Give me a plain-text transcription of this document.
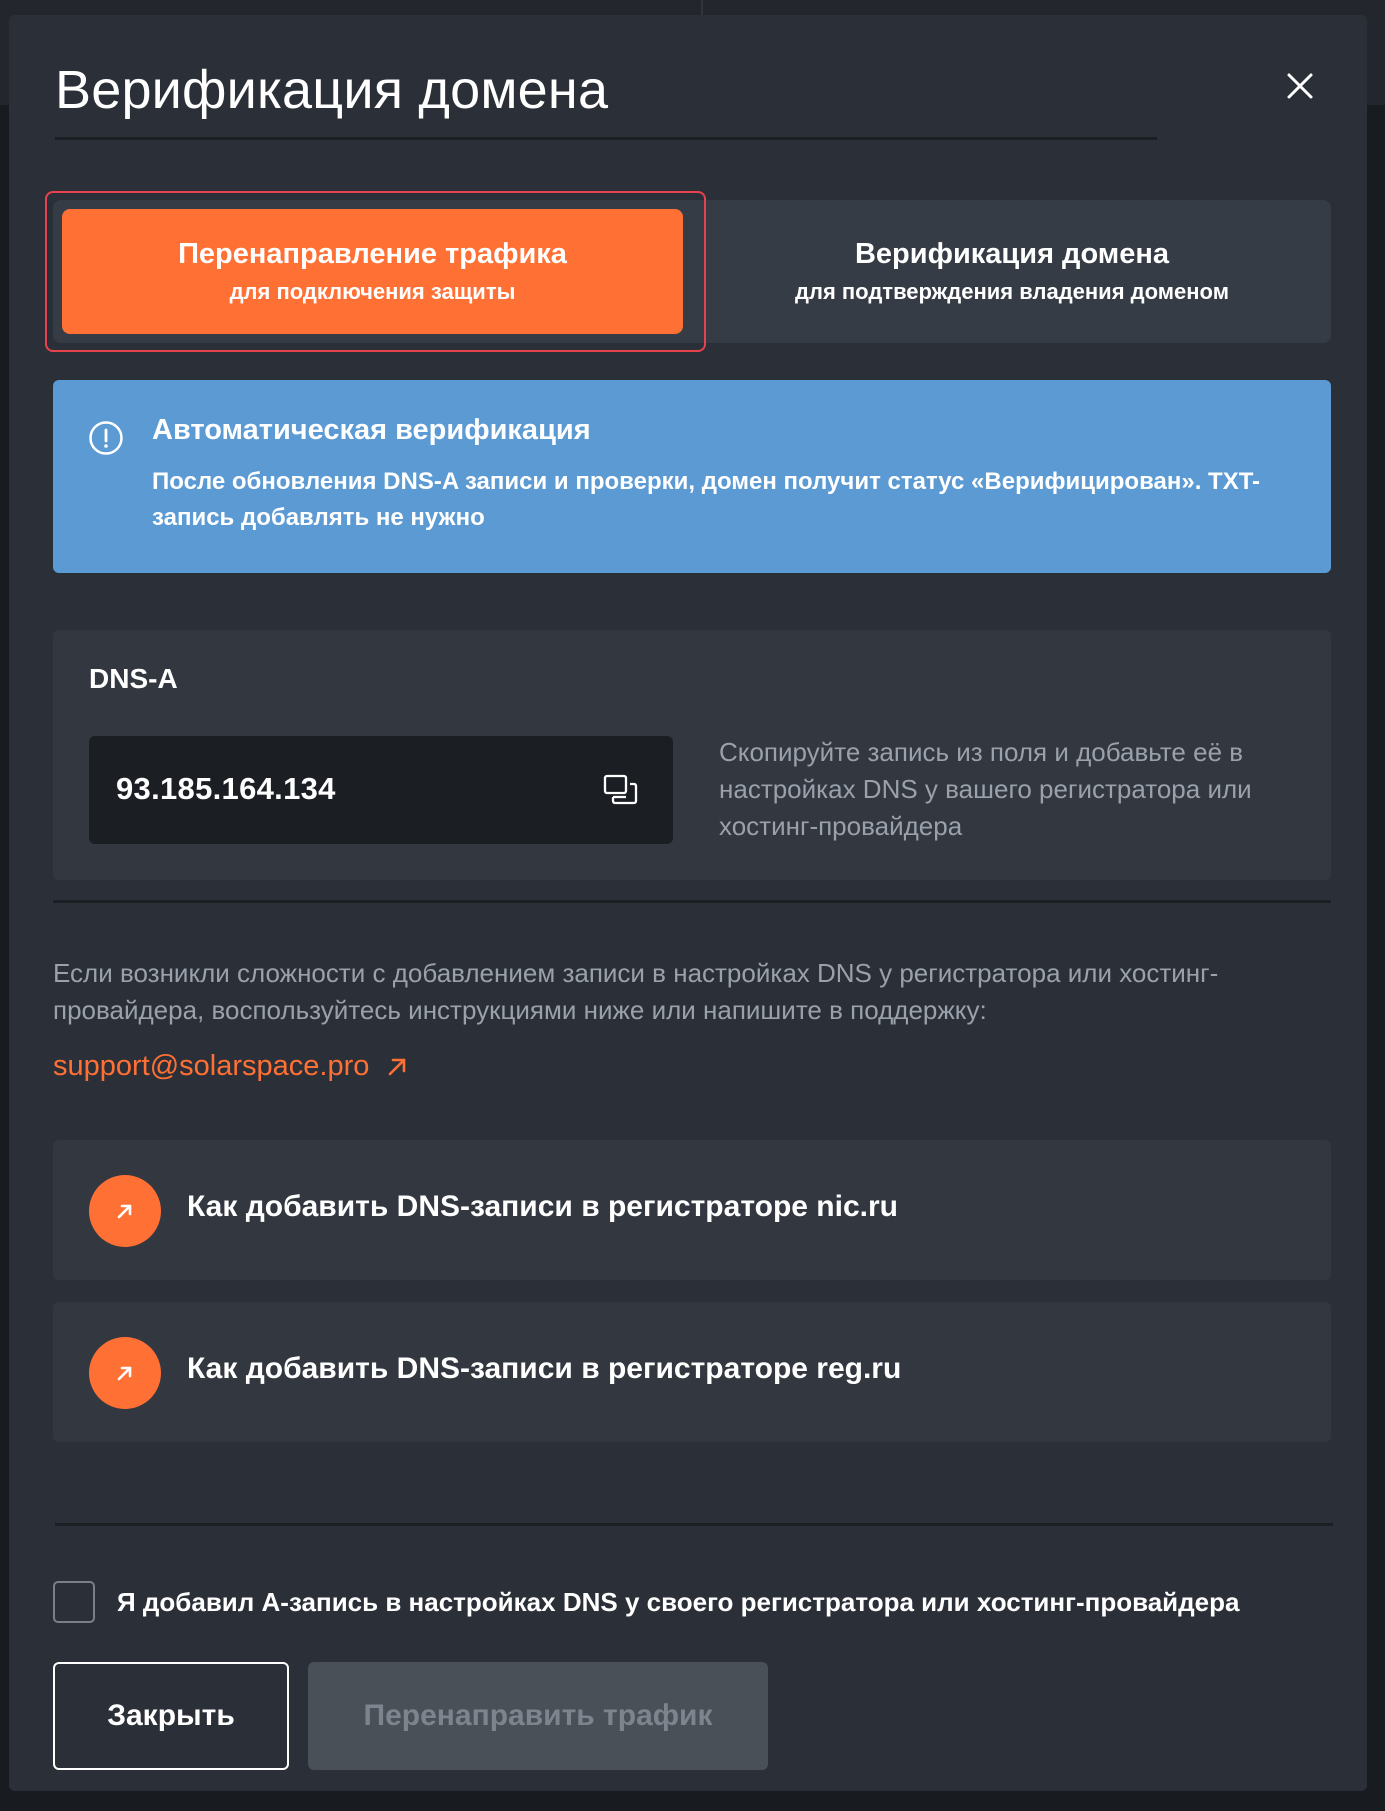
Верификация домена
Перенаправление трафика
для подключения защиты
Верификация домена
для подтверждения владения доменом
Автоматическая верификация
После обновления DNS-A записи и проверки, домен получит статус «Верифицирован». TXT-запись добавлять не нужно
DNS-A
93.185.164.134
Скопируйте запись из поля и добавьте её в настройках DNS у вашего регистратора или хостинг-провайдера
Если возникли сложности с добавлением записи в настройках DNS у регистратора или хостинг-провайдера, воспользуйтесь инструкциями ниже или напишите в поддержку:
support@solarspace.pro
Как добавить DNS-записи в регистраторе nic.ru
Как добавить DNS-записи в регистраторе reg.ru
Я добавил A-запись в настройках DNS у своего регистратора или хостинг-провайдера
Закрыть	Перенаправить трафик
